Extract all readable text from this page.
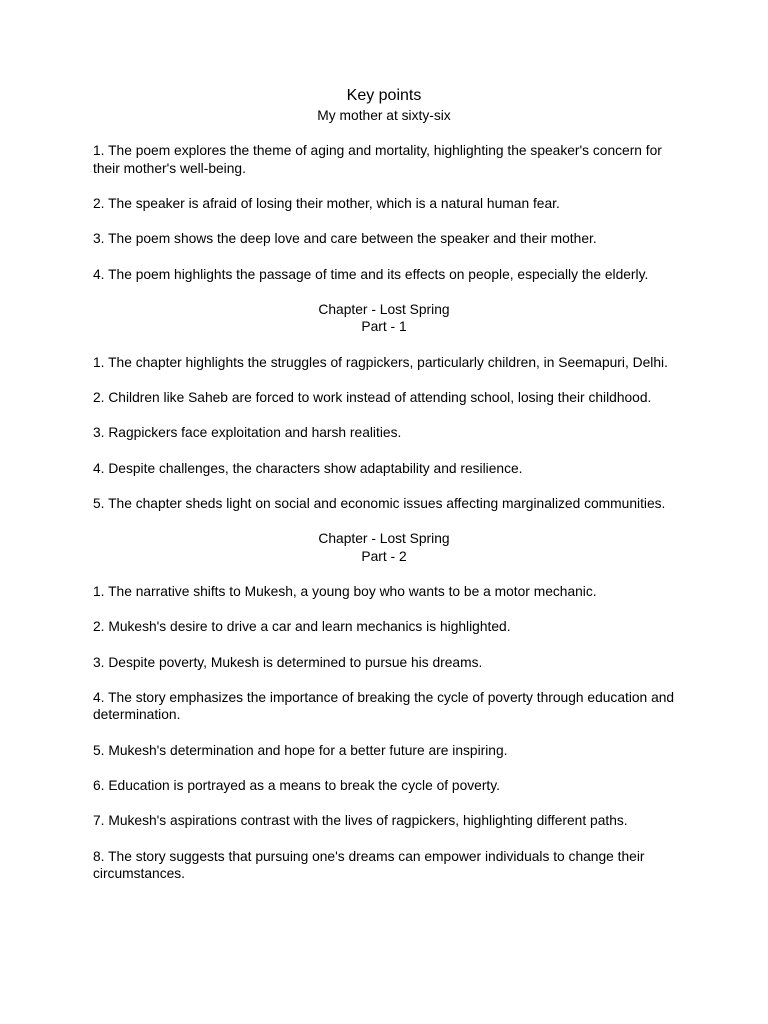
Key points
My mother at sixty-six

1. The poem explores the theme of aging and mortality, highlighting the speaker's concern for their mother's well-being.

2. The speaker is afraid of losing their mother, which is a natural human fear.

3. The poem shows the deep love and care between the speaker and their mother.

4. The poem highlights the passage of time and its effects on people, especially the elderly.

Chapter - Lost Spring
Part - 1

1. The chapter highlights the struggles of ragpickers, particularly children, in Seemapuri, Delhi.

2. Children like Saheb are forced to work instead of attending school, losing their childhood.

3. Ragpickers face exploitation and harsh realities.

4. Despite challenges, the characters show adaptability and resilience.

5. The chapter sheds light on social and economic issues affecting marginalized communities.

Chapter - Lost Spring
Part - 2

1. The narrative shifts to Mukesh, a young boy who wants to be a motor mechanic.

2. Mukesh's desire to drive a car and learn mechanics is highlighted.

3. Despite poverty, Mukesh is determined to pursue his dreams.

4. The story emphasizes the importance of breaking the cycle of poverty through education and determination.

5. Mukesh's determination and hope for a better future are inspiring.

6. Education is portrayed as a means to break the cycle of poverty.

7. Mukesh's aspirations contrast with the lives of ragpickers, highlighting different paths.

8. The story suggests that pursuing one's dreams can empower individuals to change their circumstances.
